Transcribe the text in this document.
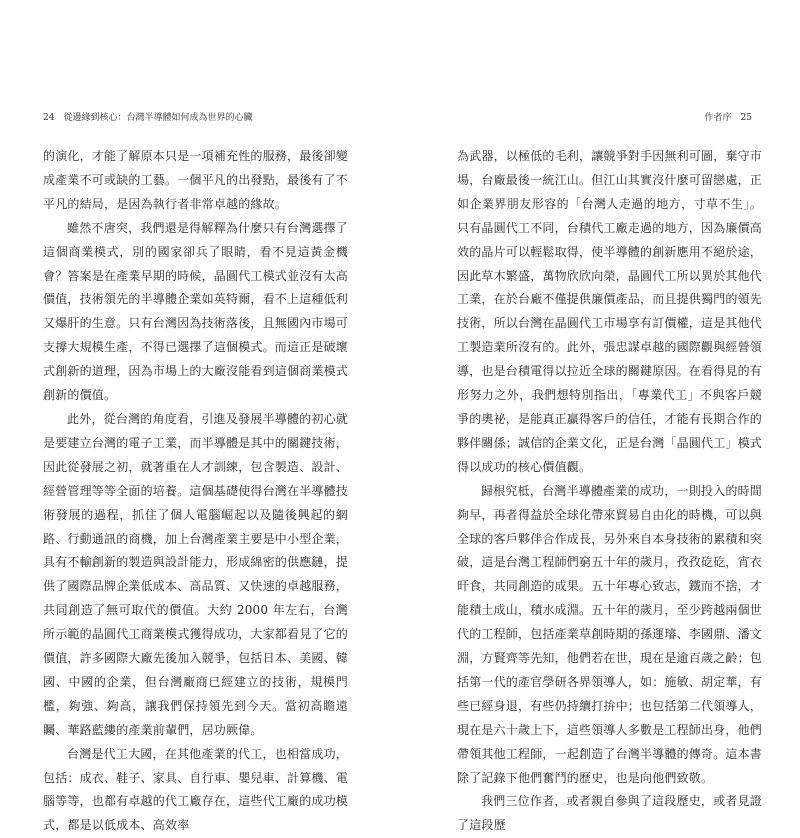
24　從邊緣到核心：台灣半導體如何成為世界的心臟

的演化，才能了解原本只是一項補充性的服務，最後卻變成產業不可或缺的工藝。一個平凡的出發點，最後有了不平凡的結局，是因為執行者非常卓越的緣故。

雖然不唐突，我們還是得解釋為什麼只有台灣選擇了這個商業模式，別的國家卻兵了眼睛，看不見這黃金機會？答案是在產業早期的時候，晶圓代工模式並沒有太高價值，技術領先的半導體企業如英特爾，看不上這種低利又爆肝的生意。只有台灣因為技術落後，且無國內市場可支撐大規模生產，不得已選擇了這個模式。而這正是破壞式創新的道理，因為市場上的大廠沒能看到這個商業模式創新的價值。

此外，從台灣的角度看，引進及發展半導體的初心就是要建立台灣的電子工業，而半導體是其中的關鍵技術，因此從發展之初，就著重在人才訓練，包含製造、設計、經營管理等等全面的培養。這個基礎使得台灣在半導體技術發展的過程，抓住了個人電腦崛起以及隨後興起的網路、行動通訊的商機，加上台灣產業主要是中小型企業，具有不輸創新的製造與設計能力，形成綿密的供應鏈，提供了國際品牌企業低成本、高品質、又快速的卓越服務，共同創造了無可取代的價值。大約 2000 年左右，台灣所示範的晶圓代工商業模式獲得成功，大家都看見了它的價值，許多國際大廠先後加入競爭，包括日本、美國、韓國、中國的企業，但台灣廠商已經建立的技術，規模門檻，夠強、夠高，讓我們保持領先到今天。當初高瞻遠矚、華路藍縷的產業前輩們，居功厥偉。

台灣是代工大國，在其他產業的代工，也相當成功，包括：成衣、鞋子、家具、自行車、嬰兒車、計算機、電腦等等，也都有卓越的代工廠存在，這些代工廠的成功模式，都是以低成本、高效率

作者序　25

為武器，以極低的毛利，讓競爭對手因無利可圖，棄守市場，台廠最後一統江山。但江山其實沒什麼可留戀處，正如企業界朋友形容的「台灣人走過的地方，寸草不生」。只有晶圓代工不同，台積代工廠走過的地方，因為廉價高效的晶片可以輕鬆取得，使半導體的創新應用不絕於途，因此草木繁盛，萬物欣欣向榮，晶圓代工所以異於其他代工業，在於台廠不僅提供廉價產品，而且提供獨門的領先技術，所以台灣在晶圓代工市場享有訂價權，這是其他代工製造業所沒有的。此外，張忠謀卓越的國際觀與經營領導，也是台積電得以拉近全球的關鍵原因。在看得見的有形努力之外，我們想特別指出，「專業代工」不與客戶競爭的奧祕，是能真正贏得客戶的信任，才能有長期合作的夥伴關係；誠信的企業文化，正是台灣「晶圓代工」模式得以成功的核心價值觀。

歸根究柢，台灣半導體產業的成功，一則投入的時間夠早，再者得益於全球化帶來貿易自由化的時機，可以與全球的客戶夥伴合作成長，另外來自本身技術的累積和突破，這是台灣工程師們窮五十年的歲月，孜孜矻矻，宵衣旰食，共同創造的成果。五十年專心致志，鐵而不捨，才能積土成山，積水成淵。五十年的歲月，至少跨越兩個世代的工程師，包括產業草創時期的孫運璿、李國鼎、潘文淵，方賢齊等先知，他們若在世，現在是逾百歲之齡；包括第一代的產官學研各界領導人，如：施敏、胡定華，有些已經身退，有些仍持續打拚中；也包括第二代領導人，現在是六十歲上下，這些領導人多數是工程師出身，他們帶領其他工程師，一起創造了台灣半導體的傳奇。這本書除了記錄下他們奮鬥的歷史，也是向他們致敬。

我們三位作者，或者親自參與了這段歷史，或者見證了這段歷
